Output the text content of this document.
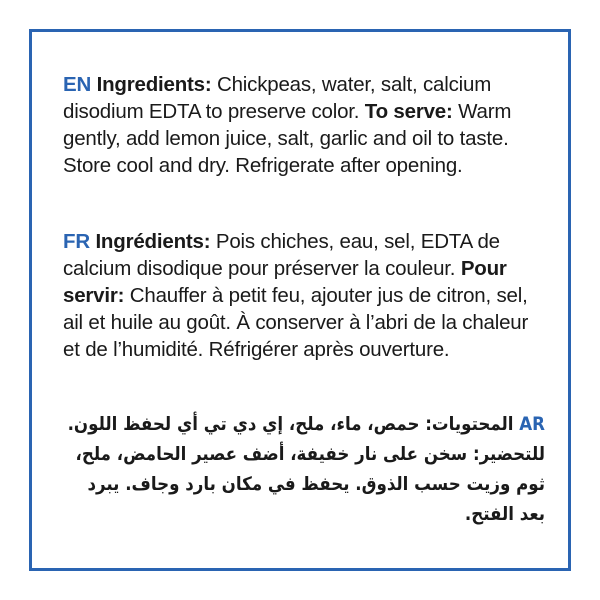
EN Ingredients: Chickpeas, water, salt, calcium disodium EDTA to preserve color. To serve: Warm gently, add lemon juice, salt, garlic and oil to taste. Store cool and dry. Refrigerate after opening.
FR Ingrédients: Pois chiches, eau, sel, EDTA de calcium disodique pour préserver la couleur. Pour servir: Chauffer à petit feu, ajouter jus de citron, sel, ail et huile au goût. À conserver à l’abri de la chaleur et de l’humidité. Réfrigérer après ouverture.
AR المحتويات: حمص، ماء، ملح، إي دي تي أي لحفظ اللون. للتحضير: سخن على نار خفيفة، أضف عصير الحامض، ملح، ثوم وزيت حسب الذوق. يحفظ في مكان بارد وجاف. يبرد بعد الفتح.
